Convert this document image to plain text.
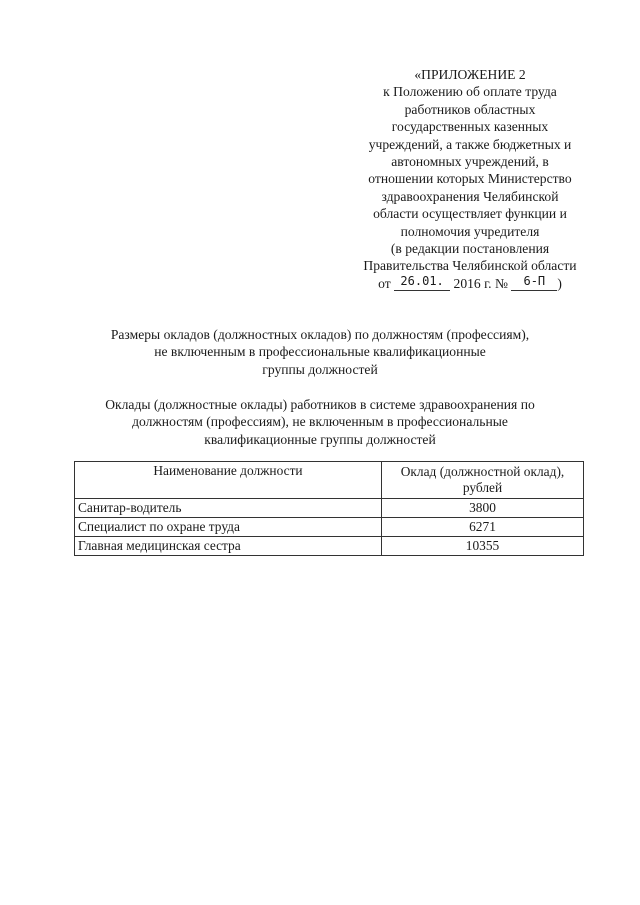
«ПРИЛОЖЕНИЕ 2
к Положению об оплате труда
работников областных
государственных казенных
учреждений, а также бюджетных и
автономных учреждений, в
отношении которых Министерство
здравоохранения Челябинской
области осуществляет функции и
полномочия учредителя
(в редакции постановления
Правительства Челябинской области
от 26.01. 2016 г. № 6-П )
Размеры окладов (должностных окладов) по должностям (профессиям),
не включенным в профессиональные квалификационные
группы должностей
Оклады (должностные оклады) работников в системе здравоохранения по
должностям (профессиям), не включенным в профессиональные
квалификационные группы должностей
Наименование должности	Оклад (должностной оклад),
рублей
Санитар-водитель	3800
Специалист по охране труда	6271
Главная медицинская сестра	10355
